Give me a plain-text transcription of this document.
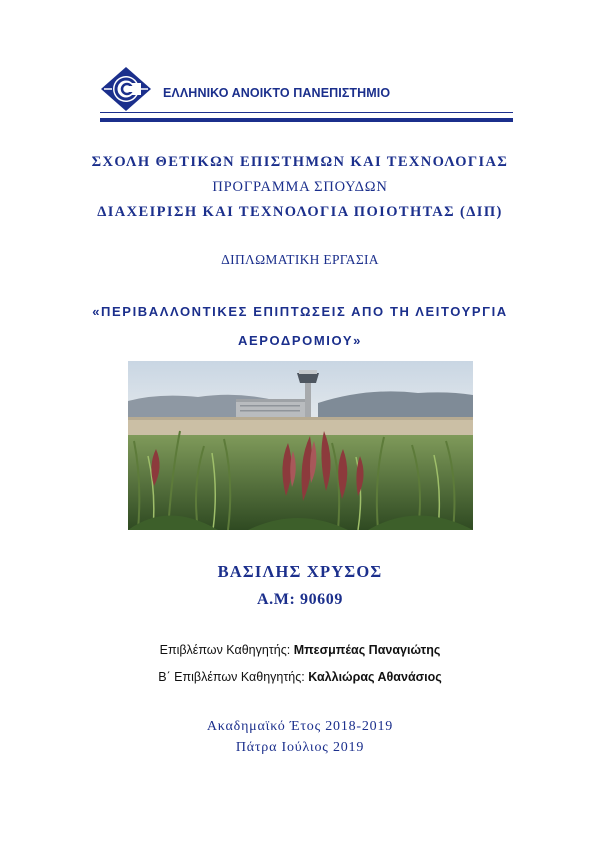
ΕΛΛΗΝΙΚΟ ΑΝΟΙΚΤΟ ΠΑΝΕΠΙΣΤΗΜΙΟ
ΣΧΟΛΗ ΘΕΤΙΚΩΝ ΕΠΙΣΤΗΜΩΝ ΚΑΙ ΤΕΧΝΟΛΟΓΙΑΣ
ΠΡΟΓΡΑΜΜΑ ΣΠΟΥΔΩΝ
ΔΙΑΧΕΙΡΙΣΗ ΚΑΙ ΤΕΧΝΟΛΟΓΙΑ ΠΟΙΟΤΗΤΑΣ (ΔΙΠ)
ΔΙΠΛΩΜΑΤΙΚΗ ΕΡΓΑΣΙΑ
«ΠΕΡΙΒΑΛΛΟΝΤΙΚΕΣ ΕΠΙΠΤΩΣΕΙΣ ΑΠΟ ΤΗ ΛΕΙΤΟΥΡΓΙΑ
ΑΕΡΟΔΡΟΜΙΟΥ»
ΒΑΣΙΛΗΣ ΧΡΥΣΟΣ
Α.Μ: 90609
Επιβλέπων Καθηγητής: Μπεσμπέας Παναγιώτης
Β΄ Επιβλέπων Καθηγητής: Καλλιώρας Αθανάσιος
Ακαδημαϊκό Έτος 2018-2019
Πάτρα Ιούλιος 2019
